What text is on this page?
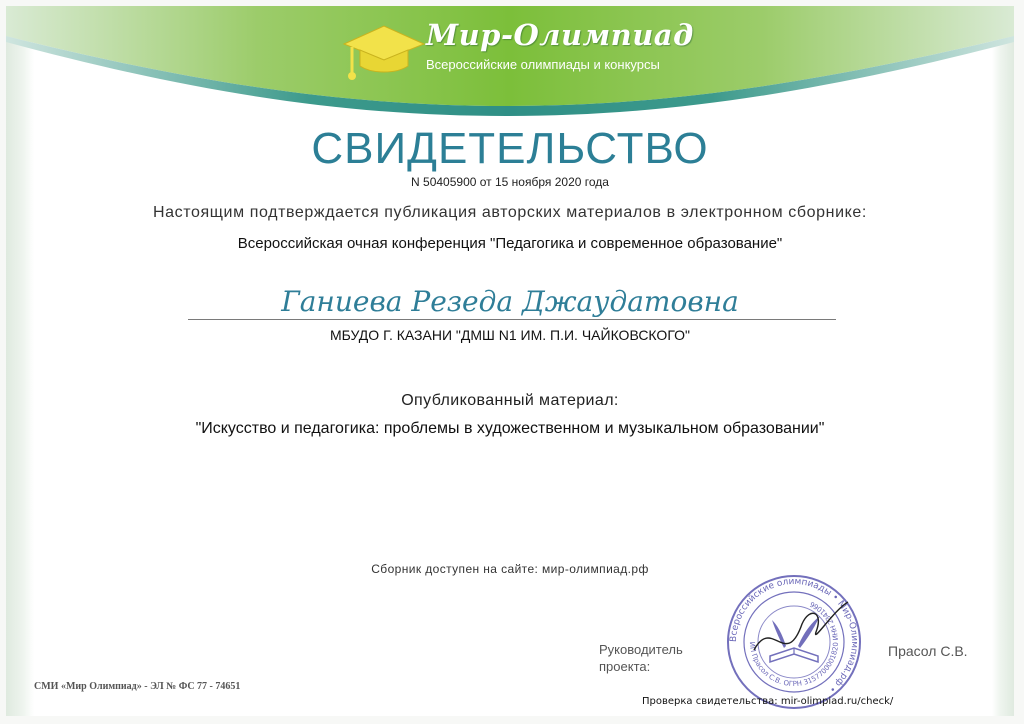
Мир-Олимпиад
Всероссийские олимпиады и конкурсы
СВИДЕТЕЛЬСТВО
N 50405900 от 15 ноября 2020 года
Настоящим подтверждается публикация авторских материалов в электронном сборнике:
Всероссийская очная конференция "Педагогика и современное образование"
Ганиева Резеда Джаудатовна
МБУДО Г. КАЗАНИ "ДМШ N1 ИМ. П.И. ЧАЙКОВСКОГО"
Опубликованный материал:
"Искусство и педагогика: проблемы в художественном и музыкальном образовании"
Сборник доступен на сайте: мир-олимпиад.рф
Руководитель
проекта:
Всероссийские олимпиады • Мир-Олимпиад.рф •
ИП Прасол С.В. ОГРН 3157700001820 ИНН 2341066
Прасол С.В.
СМИ «Мир Олимпиад» - ЭЛ № ФС 77 - 74651
Проверка свидетельства: mir-olimpiad.ru/check/
